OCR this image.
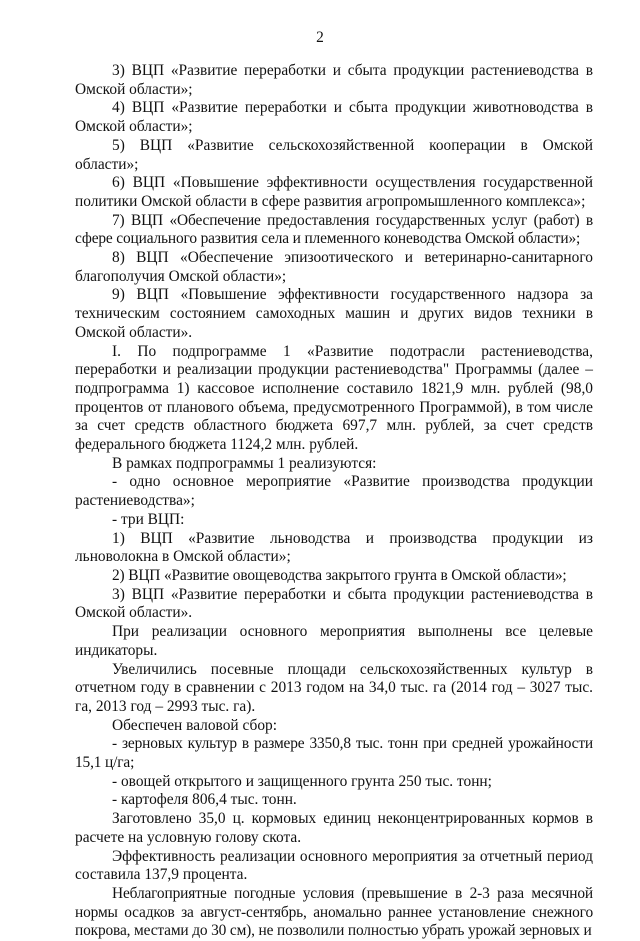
2

3) ВЦП «Развитие переработки и сбыта продукции растениеводства в Омской области»;

4) ВЦП «Развитие переработки и сбыта продукции животноводства в Омской области»;

5) ВЦП «Развитие сельскохозяйственной кооперации в Омской области»;

6) ВЦП «Повышение эффективности осуществления государственной политики Омской области в сфере развития агропромышленного комплекса»;

7) ВЦП «Обеспечение предоставления государственных услуг (работ) в сфере социального развития села и племенного коневодства Омской области»;

8) ВЦП «Обеспечение эпизоотического и ветеринарно-санитарного благополучия Омской области»;

9) ВЦП «Повышение эффективности государственного надзора за техническим состоянием самоходных машин и других видов техники в Омской области».

I. По подпрограмме 1 «Развитие подотрасли растениеводства, переработки и реализации продукции растениеводства" Программы (далее – подпрограмма 1) кассовое исполнение составило 1821,9 млн. рублей (98,0 процентов от планового объема, предусмотренного Программой), в том числе за счет средств областного бюджета 697,7 млн. рублей, за счет средств федерального бюджета 1124,2 млн. рублей.

В рамках подпрограммы 1 реализуются:

- одно основное мероприятие «Развитие производства продукции растениеводства»;

- три ВЦП:

1) ВЦП «Развитие льноводства и производства продукции из льноволокна в Омской области»;

2) ВЦП «Развитие овощеводства закрытого грунта в Омской области»;

3) ВЦП «Развитие переработки и сбыта продукции растениеводства в Омской области».

При реализации основного мероприятия выполнены все целевые индикаторы.

Увеличились посевные площади сельскохозяйственных культур в отчетном году в сравнении с 2013 годом на 34,0 тыс. га (2014 год – 3027 тыс. га, 2013 год – 2993 тыс. га).

Обеспечен валовой сбор:

- зерновых культур в размере 3350,8 тыс. тонн при средней урожайности 15,1 ц/га;

- овощей открытого и защищенного грунта 250 тыс. тонн;

- картофеля 806,4 тыс. тонн.

Заготовлено 35,0 ц. кормовых единиц неконцентрированных кормов в расчете на условную голову скота.

Эффективность реализации основного мероприятия за отчетный период составила 137,9 процента.

Неблагоприятные погодные условия (превышение в 2-3 раза месячной нормы осадков за август-сентябрь, аномально раннее установление снежного покрова, местами до 30 см), не позволили полностью убрать урожай зерновых и
